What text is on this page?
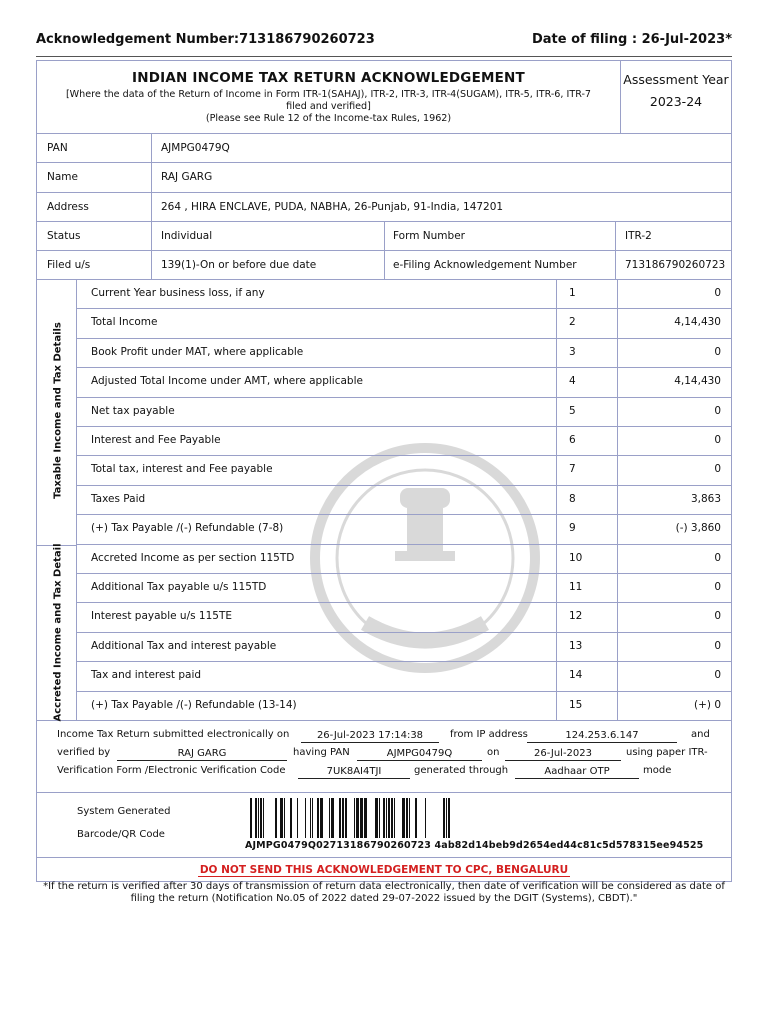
Acknowledgement Number:713186790260723	Date of filing : 26-Jul-2023*
INDIAN INCOME TAX RETURN ACKNOWLEDGEMENT
[Where the data of the Return of Income in Form ITR-1(SAHAJ), ITR-2, ITR-3, ITR-4(SUGAM), ITR-5, ITR-6, ITR-7
filed and verified]
(Please see Rule 12 of the Income-tax Rules, 1962)
Assessment Year
2023-24
PAN	AJMPG0479Q
Name	RAJ GARG
Address	264 , HIRA ENCLAVE, PUDA, NABHA, 26-Punjab, 91-India, 147201
Status	Individual	Form Number	ITR-2
Filed u/s	139(1)-On or before due date	e-Filing Acknowledgement Number	713186790260723
Taxable Income and Tax Details
Accreted Income and Tax Detail
Current Year business loss, if any	1	0
Total Income	2	4,14,430
Book Profit under MAT, where applicable	3	0
Adjusted Total Income under AMT, where applicable	4	4,14,430
Net tax payable	5	0
Interest and Fee Payable	6	0
Total tax, interest and Fee payable	7	0
Taxes Paid	8	3,863
(+) Tax Payable /(-) Refundable (7-8)	9	(-) 3,860
Accreted Income as per section 115TD	10	0
Additional Tax payable u/s 115TD	11	0
Interest payable u/s 115TE	12	0
Additional Tax and interest payable	13	0
Tax and interest paid	14	0
(+) Tax Payable /(-) Refundable (13-14)	15	(+) 0
Income Tax Return submitted electronically on	26-Jul-2023 17:14:38	from IP address	124.253.6.147	and
verified by	RAJ GARG	having PAN	AJMPG0479Q	on	26-Jul-2023	using paper ITR-
Verification Form /Electronic Verification Code	7UK8AI4TJI	generated through	Aadhaar OTP	mode
System Generated
Barcode/QR Code
AJMPG0479Q02713186790260723 4ab82d14beb9d2654ed44c81c5d578315ee94525
DO NOT SEND THIS ACKNOWLEDGEMENT TO CPC, BENGALURU
*If the return is verified after 30 days of transmission of return data electronically, then date of verification will be considered as date of
filing the return (Notification No.05 of 2022 dated 29-07-2022 issued by the DGIT (Systems), CBDT)."
